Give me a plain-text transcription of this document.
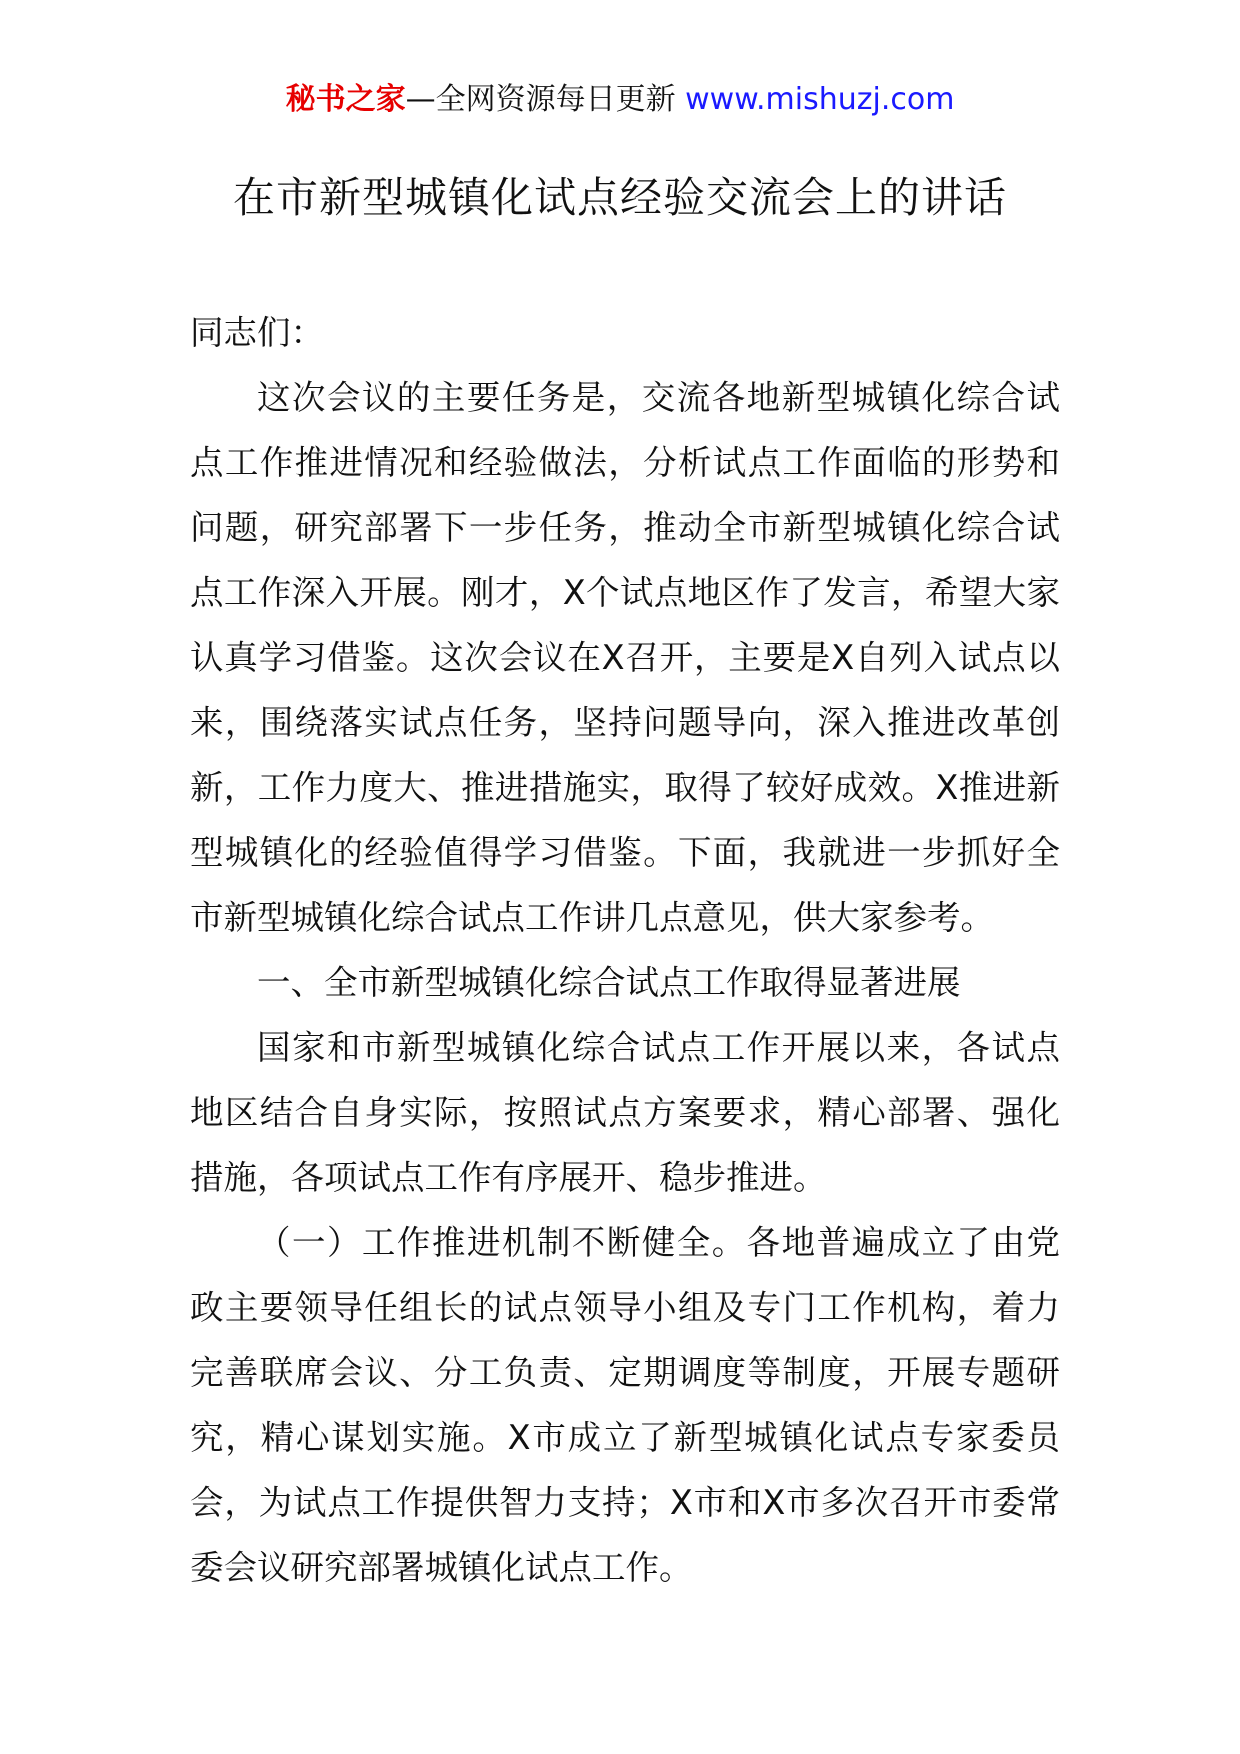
秘书之家—全网资源每日更新 www.mishuzj.com
在市新型城镇化试点经验交流会上的讲话

同志们：

这次会议的主要任务是，交流各地新型城镇化综合试点工作推进情况和经验做法，分析试点工作面临的形势和问题，研究部署下一步任务，推动全市新型城镇化综合试点工作深入开展。刚才，X个试点地区作了发言，希望大家认真学习借鉴。这次会议在X召开，主要是X自列入试点以来，围绕落实试点任务，坚持问题导向，深入推进改革创新，工作力度大、推进措施实，取得了较好成效。X推进新型城镇化的经验值得学习借鉴。下面，我就进一步抓好全市新型城镇化综合试点工作讲几点意见，供大家参考。

一、全市新型城镇化综合试点工作取得显著进展

国家和市新型城镇化综合试点工作开展以来，各试点地区结合自身实际，按照试点方案要求，精心部署、强化措施，各项试点工作有序展开、稳步推进。

（一）工作推进机制不断健全。各地普遍成立了由党政主要领导任组长的试点领导小组及专门工作机构，着力完善联席会议、分工负责、定期调度等制度，开展专题研究，精心谋划实施。X市成立了新型城镇化试点专家委员会，为试点工作提供智力支持；X市和X市多次召开市委常委会议研究部署城镇化试点工作。
